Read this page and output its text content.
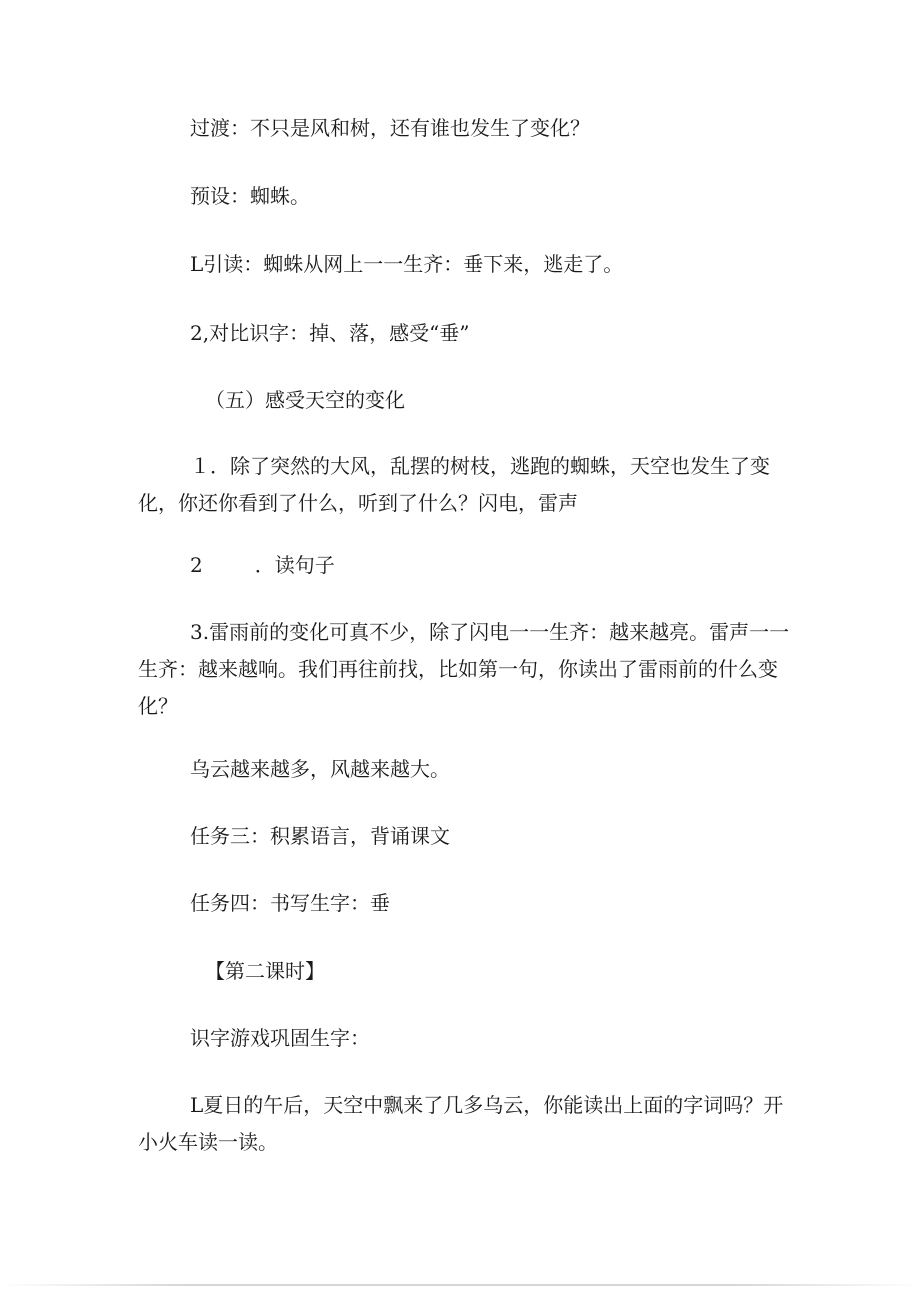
过渡：不只是风和树，还有谁也发生了变化？

预设：蜘蛛。

L引读：蜘蛛从网上一一生齐：垂下来，逃走了。

2,对比识字：掉、落，感受“垂”

（五）感受天空的变化

１．除了突然的大风，乱摆的树枝，逃跑的蜘蛛，天空也发生了变化，你还你看到了什么，听到了什么？闪电，雷声

2	．读句子

3.雷雨前的变化可真不少，除了闪电一一生齐：越来越亮。雷声一一生齐：越来越响。我们再往前找，比如第一句，你读出了雷雨前的什么变化？

乌云越来越多，风越来越大。

任务三：积累语言，背诵课文

任务四：书写生字：垂

【第二课时】

识字游戏巩固生字：

L夏日的午后，天空中飘来了几多乌云，你能读出上面的字词吗？开小火车读一读。
